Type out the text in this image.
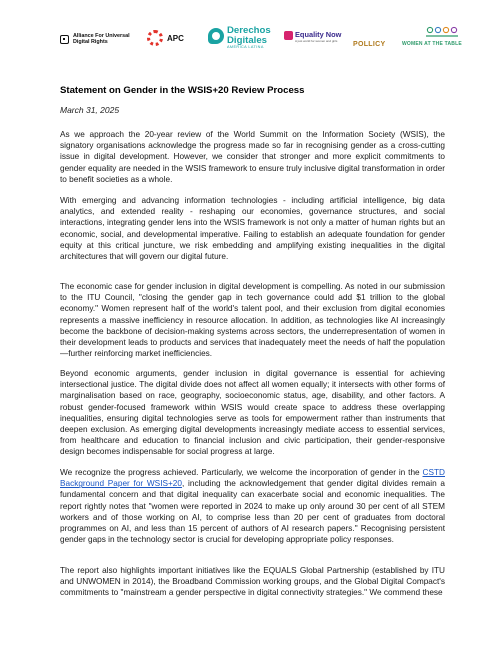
Alliance For Universal Digital Rights	APC
Derechos
Digitales
AMÉRICA LATINA
Equality Now
A just world for women and girls POLLICY	WOMEN AT THE TABLE
Statement on Gender in the WSIS+20 Review Process
March 31, 2025

As we approach the 20-year review of the World Summit on the Information Society (WSIS), the signatory organisations acknowledge the progress made so far in recognising gender as a cross-cutting issue in digital development. However, we consider that stronger and more explicit commitments to gender equality are needed in the WSIS framework to ensure truly inclusive digital transformation in order to benefit societies as a whole.

With emerging and advancing information technologies - including artificial intelligence, big data analytics, and extended reality - reshaping our economies, governance structures, and social interactions, integrating gender lens into the WSIS framework is not only a matter of human rights but an economic, social, and developmental imperative. Failing to establish an adequate foundation for gender equity at this critical juncture, we risk embedding and amplifying existing inequalities in the digital architectures that will govern our digital future.

The economic case for gender inclusion in digital development is compelling. As noted in our submission to the ITU Council, "closing the gender gap in tech governance could add $1 trillion to the global economy." Women represent half of the world's talent pool, and their exclusion from digital economies represents a massive inefficiency in resource allocation. In addition, as technologies like AI increasingly become the backbone of decision-making systems across sectors, the underrepresentation of women in their development leads to products and services that inadequately meet the needs of half the population—further reinforcing market inefficiencies.

Beyond economic arguments, gender inclusion in digital governance is essential for achieving intersectional justice. The digital divide does not affect all women equally; it intersects with other forms of marginalisation based on race, geography, socioeconomic status, age, disability, and other factors. A robust gender-focused framework within WSIS would create space to address these overlapping inequalities, ensuring digital technologies serve as tools for empowerment rather than instruments that deepen exclusion. As emerging digital developments increasingly mediate access to essential services, from healthcare and education to financial inclusion and civic participation, their gender-responsive design becomes indispensable for social progress at large.

We recognize the progress achieved. Particularly, we welcome the incorporation of gender in the CSTD Background Paper for WSIS+20, including the acknowledgement that gender digital divides remain a fundamental concern and that digital inequality can exacerbate social and economic inequalities. The report rightly notes that "women were reported in 2024 to make up only around 30 per cent of all STEM workers and of those working on AI, to comprise less than 20 per cent of graduates from doctoral programmes on AI, and less than 15 percent of authors of AI research papers." Recognising persistent gender gaps in the technology sector is crucial for developing appropriate policy responses.

The report also highlights important initiatives like the EQUALS Global Partnership (established by ITU and UNWOMEN in 2014), the Broadband Commission working groups, and the Global Digital Compact's commitments to "mainstream a gender perspective in digital connectivity strategies." We commend these
